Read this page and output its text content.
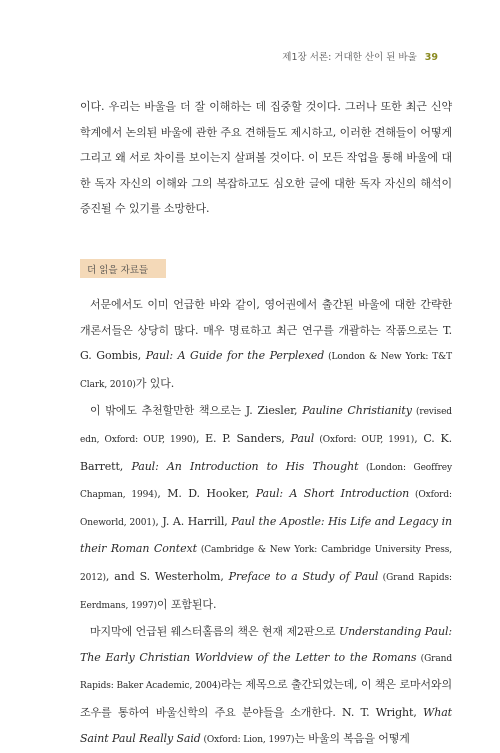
제1장 서론: 거대한 산이 된 바울 39

이다. 우리는 바울을 더 잘 이해하는 데 집중할 것이다. 그러나 또한 최근 신약학계에서 논의된 바울에 관한 주요 견해들도 제시하고, 이러한 견해들이 어떻게 그리고 왜 서로 차이를 보이는지 살펴볼 것이다. 이 모든 작업을 통해 바울에 대한 독자 자신의 이해와 그의 복잡하고도 심오한 글에 대한 독자 자신의 해석이 증진될 수 있기를 소망한다.

더 읽을 자료들

서문에서도 이미 언급한 바와 같이, 영어권에서 출간된 바울에 대한 간략한 개론서들은 상당히 많다. 매우 명료하고 최근 연구를 개괄하는 작품으로는 T. G. Gombis, Paul: A Guide for the Perplexed (London & New York: T&T Clark, 2010)가 있다.

이 밖에도 추천할만한 책으로는 J. Ziesler, Pauline Christianity (revised edn, Oxford: OUP, 1990), E. P. Sanders, Paul (Oxford: OUP, 1991), C. K. Barrett, Paul: An Introduction to His Thought (London: Geoffrey Chapman, 1994), M. D. Hooker, Paul: A Short Introduction (Oxford: Oneworld, 2001), J. A. Harrill, Paul the Apostle: His Life and Legacy in their Roman Context (Cambridge & New York: Cambridge University Press, 2012), and S. Westerholm, Preface to a Study of Paul (Grand Rapids: Eerdmans, 1997)이 포함된다.

마지막에 언급된 웨스터홀름의 책은 현재 제2판으로 Understanding Paul: The Early Christian Worldview of the Letter to the Romans (Grand Rapids: Baker Academic, 2004)라는 제목으로 출간되었는데, 이 책은 로마서와의 조우를 통하여 바울신학의 주요 분야들을 소개한다. N. T. Wright, What Saint Paul Really Said (Oxford: Lion, 1997)는 바울의 복음을 어떻게
